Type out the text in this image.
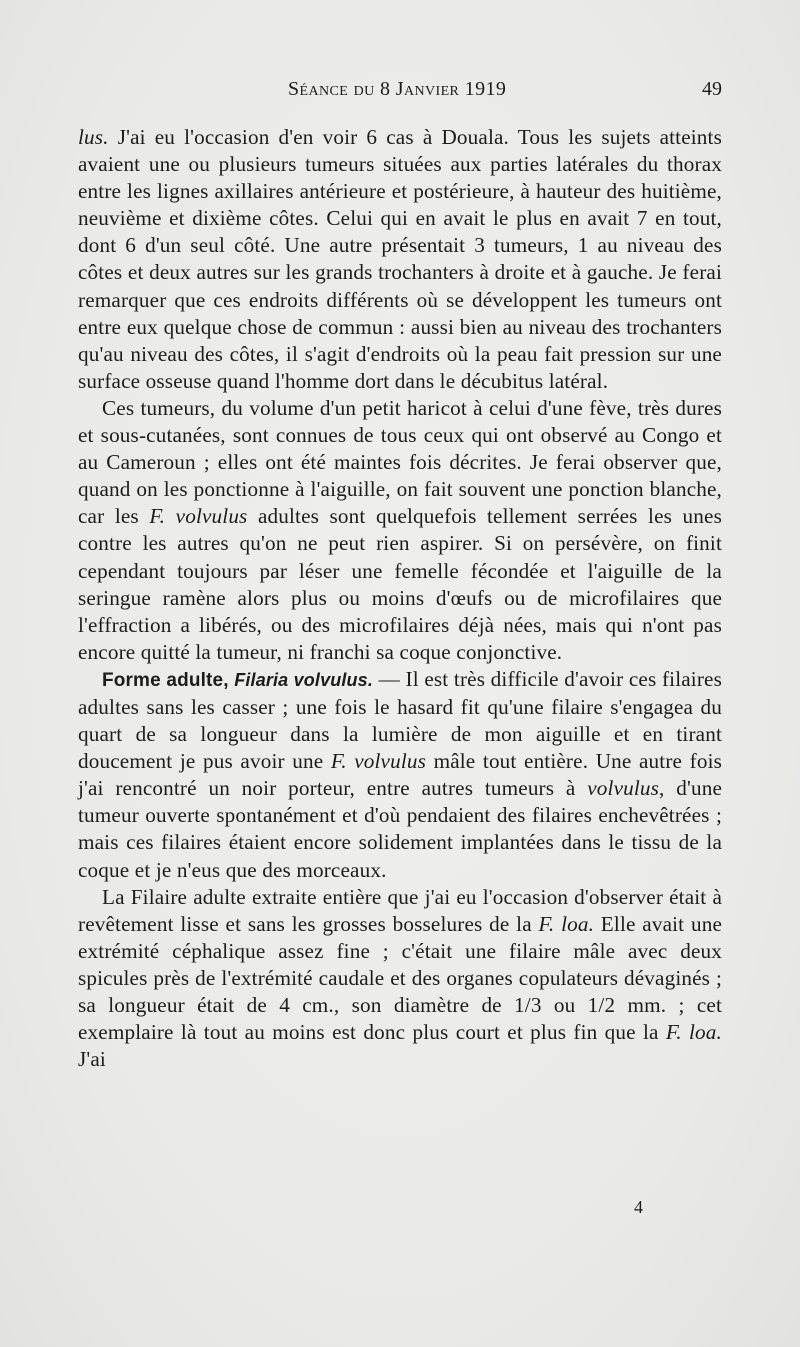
Séance du 8 Janvier 1919	49

lus. J'ai eu l'occasion d'en voir 6 cas à Douala. Tous les sujets atteints avaient une ou plusieurs tumeurs situées aux parties latérales du thorax entre les lignes axillaires antérieure et postérieure, à hauteur des huitième, neuvième et dixième côtes. Celui qui en avait le plus en avait 7 en tout, dont 6 d'un seul côté. Une autre présentait 3 tumeurs, 1 au niveau des côtes et deux autres sur les grands trochanters à droite et à gauche. Je ferai remarquer que ces endroits différents où se développent les tumeurs ont entre eux quelque chose de commun : aussi bien au niveau des trochanters qu'au niveau des côtes, il s'agit d'endroits où la peau fait pression sur une surface osseuse quand l'homme dort dans le décubitus latéral.

Ces tumeurs, du volume d'un petit haricot à celui d'une fève, très dures et sous-cutanées, sont connues de tous ceux qui ont observé au Congo et au Cameroun ; elles ont été maintes fois décrites. Je ferai observer que, quand on les ponctionne à l'aiguille, on fait souvent une ponction blanche, car les F. volvulus adultes sont quelquefois tellement serrées les unes contre les autres qu'on ne peut rien aspirer. Si on persévère, on finit cependant toujours par léser une femelle fécondée et l'aiguille de la seringue ramène alors plus ou moins d'œufs ou de microfilaires que l'effraction a libérés, ou des microfilaires déjà nées, mais qui n'ont pas encore quitté la tumeur, ni franchi sa coque conjonctive.

Forme adulte, Filaria volvulus. — Il est très difficile d'avoir ces filaires adultes sans les casser ; une fois le hasard fit qu'une filaire s'engagea du quart de sa longueur dans la lumière de mon aiguille et en tirant doucement je pus avoir une F. volvulus mâle tout entière. Une autre fois j'ai rencontré un noir porteur, entre autres tumeurs à volvulus, d'une tumeur ouverte spontanément et d'où pendaient des filaires enchevêtrées ; mais ces filaires étaient encore solidement implantées dans le tissu de la coque et je n'eus que des morceaux.

La Filaire adulte extraite entière que j'ai eu l'occasion d'observer était à revêtement lisse et sans les grosses bosselures de la F. loa. Elle avait une extrémité céphalique assez fine ; c'était une filaire mâle avec deux spicules près de l'extrémité caudale et des organes copulateurs dévaginés ; sa longueur était de 4 cm., son diamètre de 1/3 ou 1/2 mm. ; cet exemplaire là tout au moins est donc plus court et plus fin que la F. loa. J'ai

4
